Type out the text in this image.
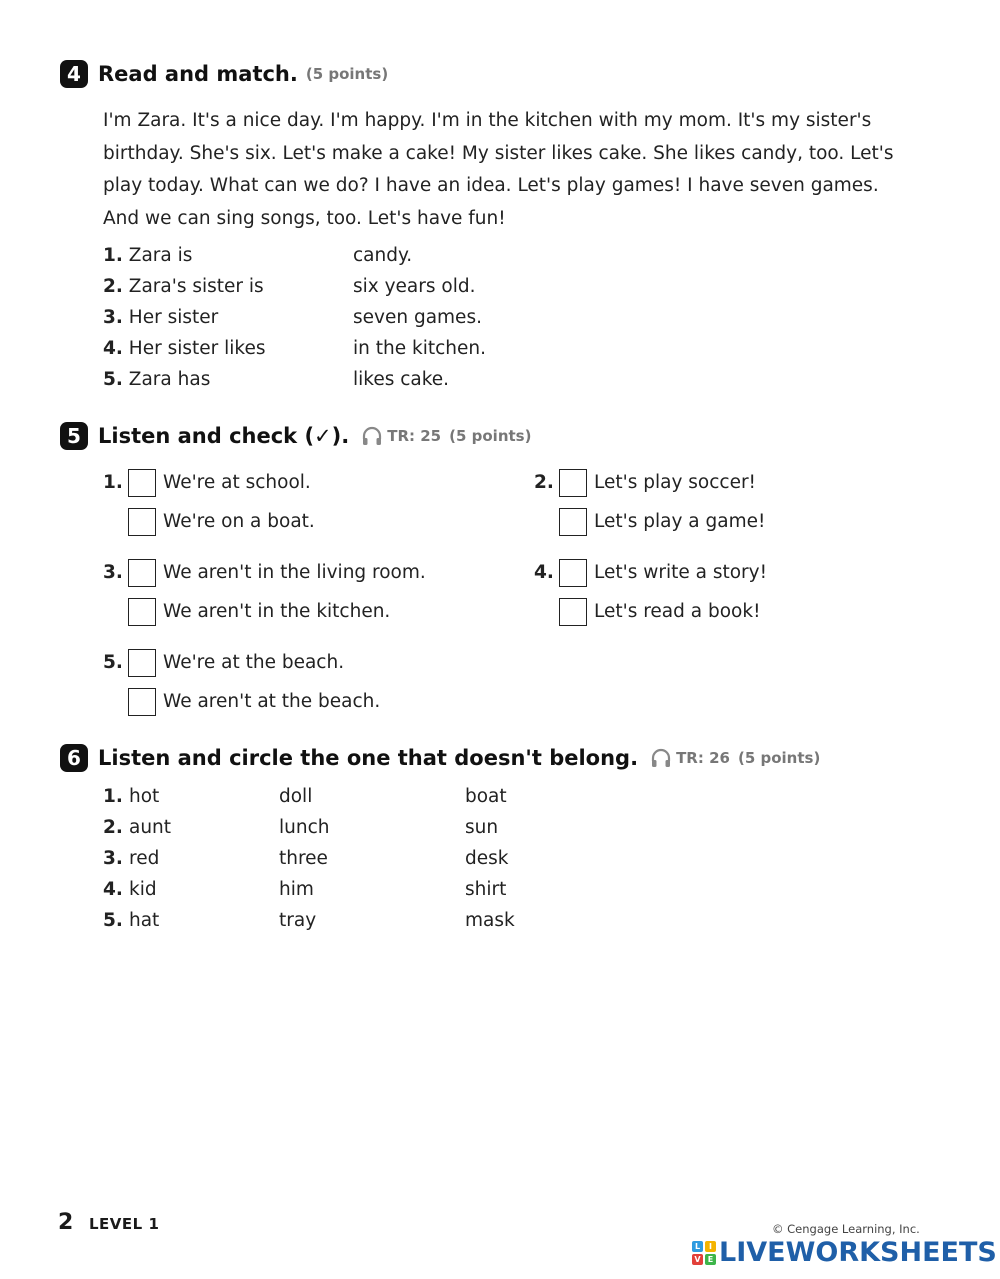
4 Read and match. (5 points)
I'm Zara. It's a nice day. I'm happy. I'm in the kitchen with my mom. It's my sister's
birthday. She's six. Let's make a cake! My sister likes cake. She likes candy, too. Let's
play today. What can we do? I have an idea. Let's play games! I have seven games.
And we can sing songs, too. Let's have fun!
1. Zara is	candy.
2. Zara's sister is	six years old.
3. Her sister	seven games.
4. Her sister likes	in the kitchen.
5. Zara has	likes cake.
5 Listen and check (✓).	TR: 25 (5 points)
1. We're at school.
We're on a boat.
2. Let's play soccer!
Let's play a game!
3. We aren't in the living room.
We aren't in the kitchen.
4. Let's write a story!
Let's read a book!
5. We're at the beach.
We aren't at the beach.
6 Listen and circle the one that doesn't belong.	TR: 26 (5 points)
1. hot	doll	boat
2. aunt	lunch	sun
3. red	three	desk
4. kid	him	shirt
5. hat	tray	mask
2 LEVEL 1	© Cengage Learning, Inc.
L	I
V E LIVEWORKSHEETS
